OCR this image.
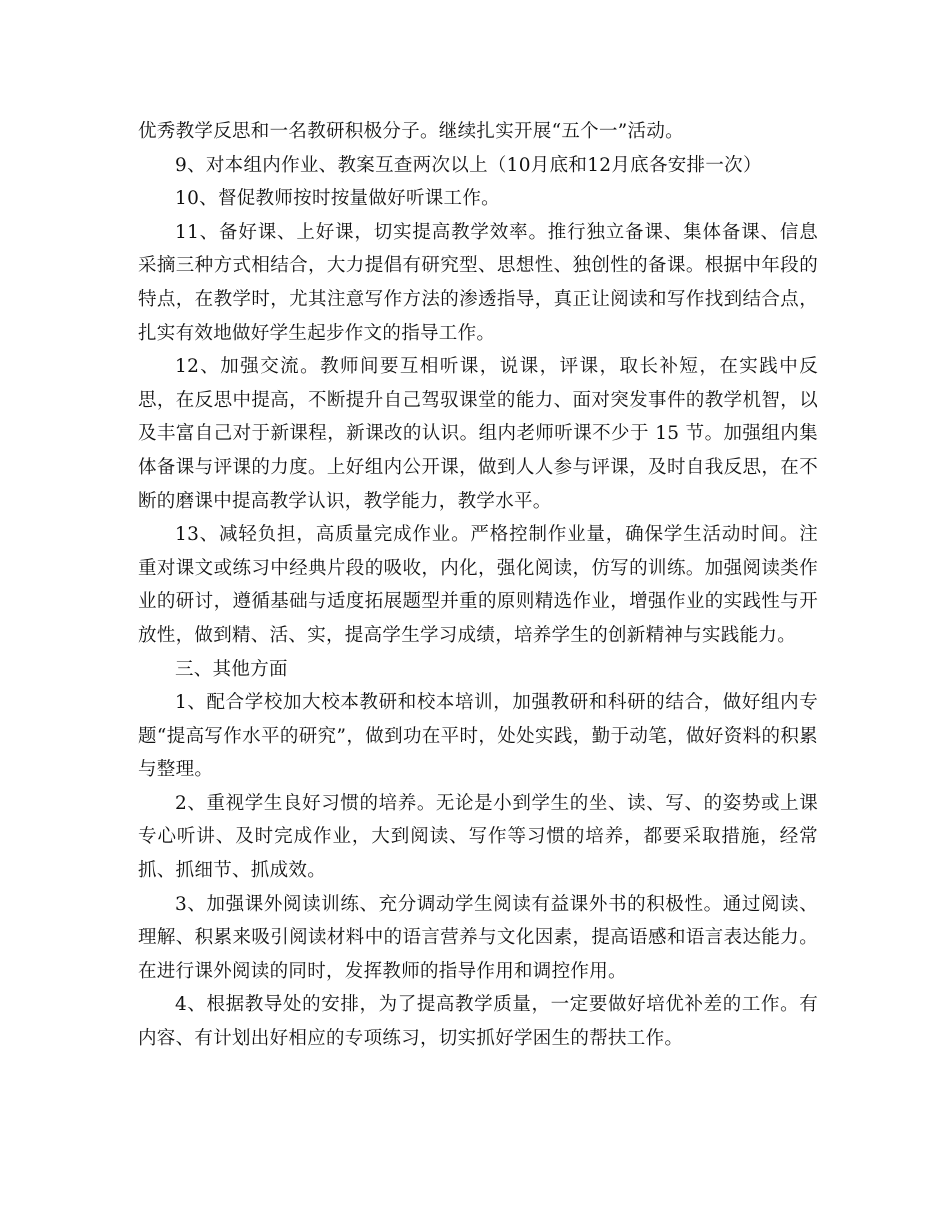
优秀教学反思和一名教研积极分子。继续扎实开展“五个一”活动。

9、对本组内作业、教案互查两次以上（10月底和12月底各安排一次）

10、督促教师按时按量做好听课工作。

11、备好课、上好课，切实提高教学效率。推行独立备课、集体备课、信息采摘三种方式相结合，大力提倡有研究型、思想性、独创性的备课。根据中年段的特点，在教学时，尤其注意写作方法的渗透指导，真正让阅读和写作找到结合点，扎实有效地做好学生起步作文的指导工作。

12、加强交流。教师间要互相听课，说课，评课，取长补短，在实践中反思，在反思中提高，不断提升自己驾驭课堂的能力、面对突发事件的教学机智，以及丰富自己对于新课程，新课改的认识。组内老师听课不少于 15 节。加强组内集体备课与评课的力度。上好组内公开课，做到人人参与评课，及时自我反思，在不断的磨课中提高教学认识，教学能力，教学水平。

13、减轻负担，高质量完成作业。严格控制作业量，确保学生活动时间。注重对课文或练习中经典片段的吸收，内化，强化阅读，仿写的训练。加强阅读类作业的研讨，遵循基础与适度拓展题型并重的原则精选作业，增强作业的实践性与开放性，做到精、活、实，提高学生学习成绩，培养学生的创新精神与实践能力。

三、其他方面

1、配合学校加大校本教研和校本培训，加强教研和科研的结合，做好组内专题“提高写作水平的研究”，做到功在平时，处处实践，勤于动笔，做好资料的积累与整理。

2、重视学生良好习惯的培养。无论是小到学生的坐、读、写、的姿势或上课专心听讲、及时完成作业，大到阅读、写作等习惯的培养，都要采取措施，经常抓、抓细节、抓成效。

3、加强课外阅读训练、充分调动学生阅读有益课外书的积极性。通过阅读、理解、积累来吸引阅读材料中的语言营养与文化因素，提高语感和语言表达能力。在进行课外阅读的同时，发挥教师的指导作用和调控作用。

4、根据教导处的安排，为了提高教学质量，一定要做好培优补差的工作。有内容、有计划出好相应的专项练习，切实抓好学困生的帮扶工作。
